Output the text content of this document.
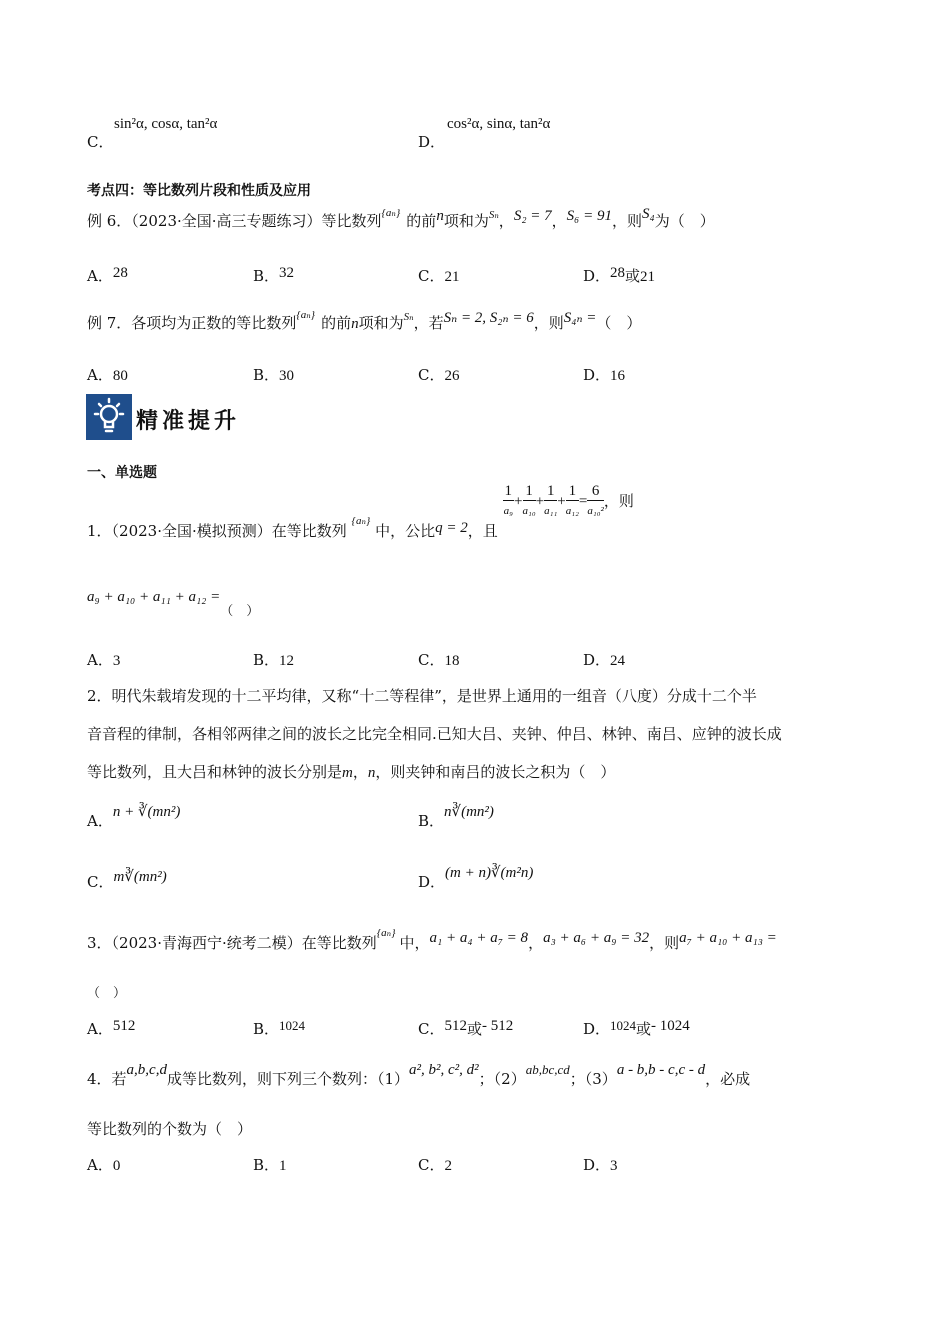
C．
sin²α, cosα, tan²α
D．
cos²α, sinα, tan²α
考点四：等比数列片段和性质及应用
例 6．（2023·全国·高三专题练习）等比数列$^{\{a_n\}}$ 的前n项和为$^{S_n}$，S₂ = 7，S₆ = 91，则S₄为（　）
A．28	B．32	C．21	D．28或21
例 7．各项均为正数的等比数列$^{\{a_n\}}$ 的前n项和为$^{S_n}$，若Sₙ = 2, S₂ₙ = 6，则S₄ₙ =（　）
A．80	B．30	C．26	D．16
精准提升
一、单选题
1．（2023·全国·模拟预测）在等比数列 $_{\{a_n\}}$ 中，公比q = 2，且
$\frac{1}{\text{a₉}} + \frac{1}{\text{a₁₀}} + \frac{1}{\text{a₁₁}} + \frac{1}{\text{a₁₂}} = \frac{6}{\text{a₁₀²}}$ ，则
a₉ + a₁₀ + a₁₁ + a₁₂ =（　）
A．3	B．12	C．18	D．24
2．明代朱载堉发现的十二平均律，又称“十二等程律”，是世界上通用的一组音（八度）分成十二个半
音音程的律制，各相邻两律之间的波长之比完全相同.已知大吕、夹钟、仲吕、林钟、南吕、应钟的波长成
等比数列，且大吕和林钟的波长分别是m，n，则夹钟和南吕的波长之积为（　）
A．n + ∛(mn²)	B．n∛(mn²)
C．m∛(mn²)	D．(m + n)∛(m²n)
3．（2023·青海西宁·统考二模）在等比数列$^{\{a_n\}}$中，a₁ + a₄ + a₇ = 8，a₃ + a₆ + a₉ = 32，则a₇ + a₁₀ + a₁₃ =
（　）
A．512	B．1024	C．512或- 512	D．1024或- 1024
4．若a,b,c,d成等比数列，则下列三个数列：（1）a², b², c², d²；（2）ab,bc,cd；（3）a - b,b - c,c - d，必成
等比数列的个数为（　）
A．0	B．1	C．2	D．3
